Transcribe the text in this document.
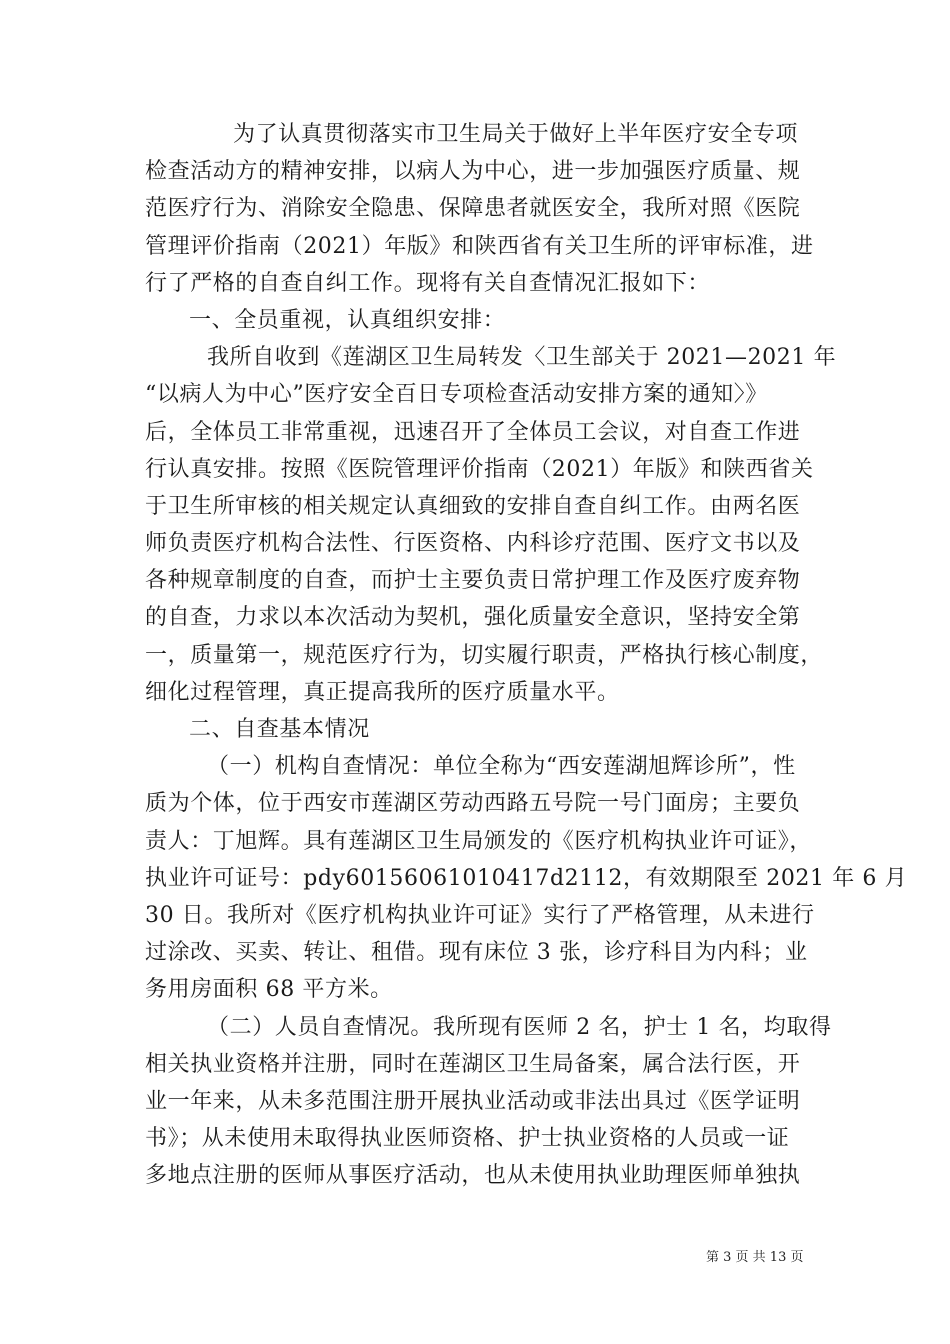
为了认真贯彻落实市卫生局关于做好上半年医疗安全专项
检查活动方的精神安排，以病人为中心，进一步加强医疗质量、规
范医疗行为、消除安全隐患、保障患者就医安全，我所对照《医院
管理评价指南（2021）年版》和陕西省有关卫生所的评审标准，进
行了严格的自查自纠工作。现将有关自查情况汇报如下：
一、全员重视，认真组织安排：
我所自收到《莲湖区卫生局转发〈卫生部关于 2021—2021 年
“以病人为中心”医疗安全百日专项检查活动安排方案的通知〉》
后，全体员工非常重视，迅速召开了全体员工会议，对自查工作进
行认真安排。按照《医院管理评价指南（2021）年版》和陕西省关
于卫生所审核的相关规定认真细致的安排自查自纠工作。由两名医
师负责医疗机构合法性、行医资格、内科诊疗范围、医疗文书以及
各种规章制度的自查，而护士主要负责日常护理工作及医疗废弃物
的自查，力求以本次活动为契机，强化质量安全意识，坚持安全第
一，质量第一，规范医疗行为，切实履行职责，严格执行核心制度，
细化过程管理，真正提高我所的医疗质量水平。
二、自查基本情况
（一）机构自查情况：单位全称为“西安莲湖旭辉诊所”，性
质为个体，位于西安市莲湖区劳动西路五号院一号门面房；主要负
责人：丁旭辉。具有莲湖区卫生局颁发的《医疗机构执业许可证》，
执业许可证号：pdy60156061010417d2112，有效期限至 2021 年 6 月
30 日。我所对《医疗机构执业许可证》实行了严格管理，从未进行
过涂改、买卖、转让、租借。现有床位 3 张，诊疗科目为内科；业
务用房面积 68 平方米。
（二）人员自查情况。我所现有医师 2 名，护士 1 名，均取得
相关执业资格并注册，同时在莲湖区卫生局备案，属合法行医，开
业一年来，从未多范围注册开展执业活动或非法出具过《医学证明
书》；从未使用未取得执业医师资格、护士执业资格的人员或一证
多地点注册的医师从事医疗活动，也从未使用执业助理医师单独执
第 3 页 共 13 页
